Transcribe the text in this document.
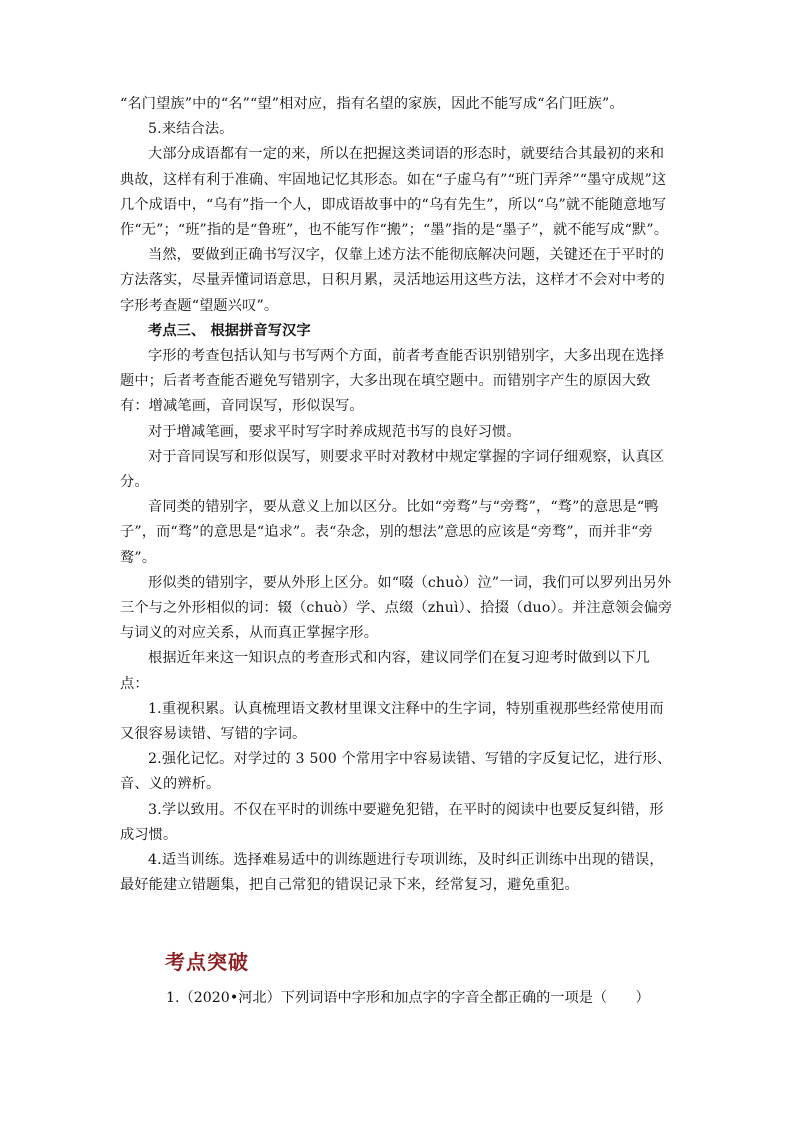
“名门望族”中的“名”“望”相对应，指有名望的家族，因此不能写成“名门旺族”。

5.来结合法。

大部分成语都有一定的来，所以在把握这类词语的形态时，就要结合其最初的来和典故，这样有利于准确、牢固地记忆其形态。如在“子虚乌有”“班门弄斧”“墨守成规”这几个成语中，“乌有”指一个人，即成语故事中的“乌有先生”，所以“乌”就不能随意地写作“无”；“班”指的是“鲁班”，也不能写作“搬”；“墨”指的是“墨子”，就不能写成“默”。

当然，要做到正确书写汉字，仅靠上述方法不能彻底解决问题，关键还在于平时的方法落实，尽量弄懂词语意思，日积月累，灵活地运用这些方法，这样才不会对中考的字形考查题“望题兴叹”。

考点三、 根据拼音写汉字

字形的考查包括认知与书写两个方面，前者考查能否识别错别字，大多出现在选择题中；后者考查能否避免写错别字，大多出现在填空题中。而错别字产生的原因大致有：增减笔画，音同误写，形似误写。

对于增减笔画，要求平时写字时养成规范书写的良好习惯。

对于音同误写和形似误写，则要求平时对教材中规定掌握的字词仔细观察，认真区分。

音同类的错别字，要从意义上加以区分。比如“旁骛”与“旁骛”，“骛”的意思是“鸭子”，而“骛”的意思是“追求”。表“杂念，别的想法”意思的应该是“旁骛”，而并非“旁鹜”。

形似类的错别字，要从外形上区分。如“啜（chuò）泣”一词，我们可以罗列出另外三个与之外形相似的词：辍（chuò）学、点缀（zhuì）、拾掇（duo）。并注意领会偏旁与词义的对应关系，从而真正掌握字形。

根据近年来这一知识点的考查形式和内容，建议同学们在复习迎考时做到以下几点：

1.重视积累。认真梳理语文教材里课文注释中的生字词，特别重视那些经常使用而又很容易读错、写错的字词。

2.强化记忆。对学过的 3 500 个常用字中容易读错、写错的字反复记忆，进行形、音、义的辨析。

3.学以致用。不仅在平时的训练中要避免犯错，在平时的阅读中也要反复纠错，形成习惯。

4.适当训练。选择难易适中的训练题进行专项训练，及时纠正训练中出现的错误，最好能建立错题集，把自己常犯的错误记录下来，经常复习，避免重犯。

考点突破
1.（2020•河北）下列词语中字形和加点字的字音全都正确的一项是（　　）
